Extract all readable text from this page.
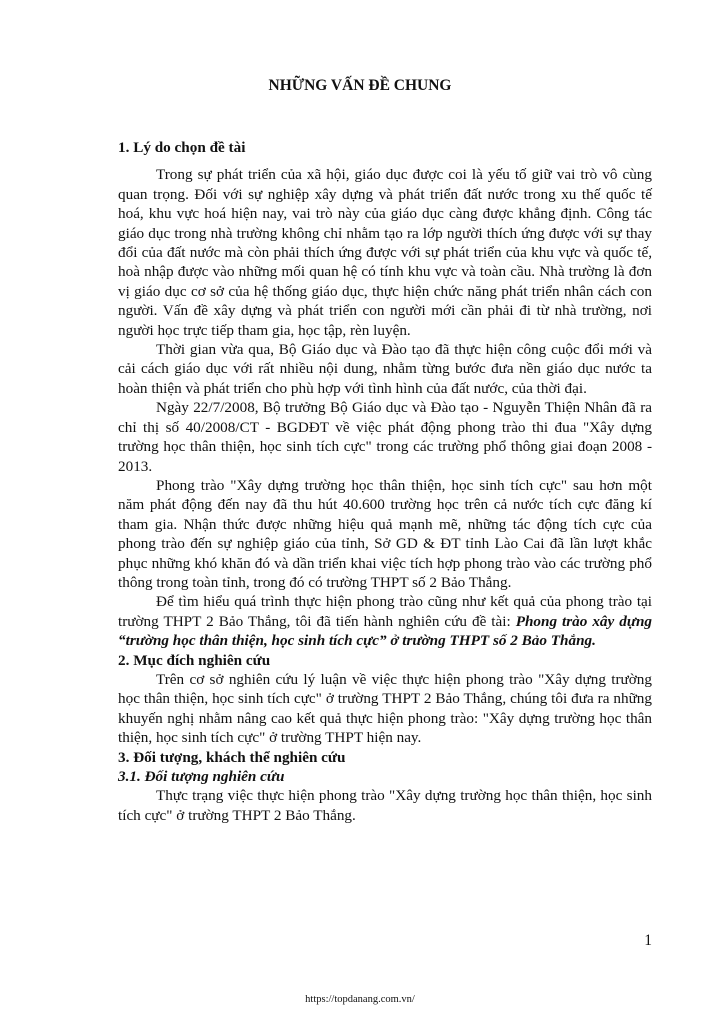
NHỮNG VẤN ĐỀ CHUNG
1. Lý do chọn đề tài

Trong sự phát triển của xã hội, giáo dục được coi là yếu tố giữ vai trò vô cùng quan trọng. Đối với sự nghiệp xây dựng và phát triển đất nước trong xu thế quốc tế hoá, khu vực hoá hiện nay, vai trò này của giáo dục càng được khẳng định. Công tác giáo dục trong nhà trường không chỉ nhằm tạo ra lớp người thích ứng được với sự thay đổi của đất nước mà còn phải thích ứng được với sự phát triển của khu vực và quốc tế, hoà nhập được vào những mối quan hệ có tính khu vực và toàn cầu. Nhà trường là đơn vị giáo dục cơ sở của hệ thống giáo dục, thực hiện chức năng phát triển nhân cách con người. Vấn đề xây dựng và phát triển con người mới cần phải đi từ nhà trường, nơi người học trực tiếp tham gia, học tập, rèn luyện.

Thời gian vừa qua, Bộ Giáo dục và Đào tạo đã thực hiện công cuộc đổi mới và cải cách giáo dục với rất nhiều nội dung, nhằm từng bước đưa nền giáo dục nước ta hoàn thiện và phát triển cho phù hợp với tình hình của đất nước, của thời đại.

Ngày 22/7/2008, Bộ trưởng Bộ Giáo dục và Đào tạo - Nguyễn Thiện Nhân đã ra chỉ thị số 40/2008/CT - BGDĐT về việc phát động phong trào thi đua "Xây dựng trường học thân thiện, học sinh tích cực" trong các trường phổ thông giai đoạn 2008 - 2013.

Phong trào "Xây dựng trường học thân thiện, học sinh tích cực" sau hơn một năm phát động đến nay đã thu hút 40.600 trường học trên cả nước tích cực đăng kí tham gia. Nhận thức được những hiệu quả mạnh mẽ, những tác động tích cực của phong trào đến sự nghiệp giáo của tỉnh, Sở GD & ĐT tỉnh Lào Cai đã lần lượt khắc phục những khó khăn đó và dần triển khai việc tích hợp phong trào vào các trường phổ thông trong toàn tỉnh, trong đó có trường THPT số 2 Bảo Thắng.

Để tìm hiểu quá trình thực hiện phong trào cũng như kết quả của phong trào tại trường THPT 2 Bảo Thắng, tôi đã tiến hành nghiên cứu đề tài: Phong trào xây dựng “trường học thân thiện, học sinh tích cực” ở trường THPT số 2 Bảo Thắng.

2. Mục đích nghiên cứu

Trên cơ sở nghiên cứu lý luận về việc thực hiện phong trào "Xây dựng trường học thân thiện, học sinh tích cực" ở trường THPT 2 Bảo Thắng, chúng tôi đưa ra những khuyến nghị nhằm nâng cao kết quả thực hiện phong trào: "Xây dựng trường học thân thiện, học sinh tích cực" ở trường THPT hiện nay.

3. Đối tượng, khách thể nghiên cứu
3.1. Đối tượng nghiên cứu

Thực trạng việc thực hiện phong trào "Xây dựng trường học thân thiện, học sinh tích cực" ở trường THPT 2 Bảo Thắng.

1
https://topdanang.com.vn/
